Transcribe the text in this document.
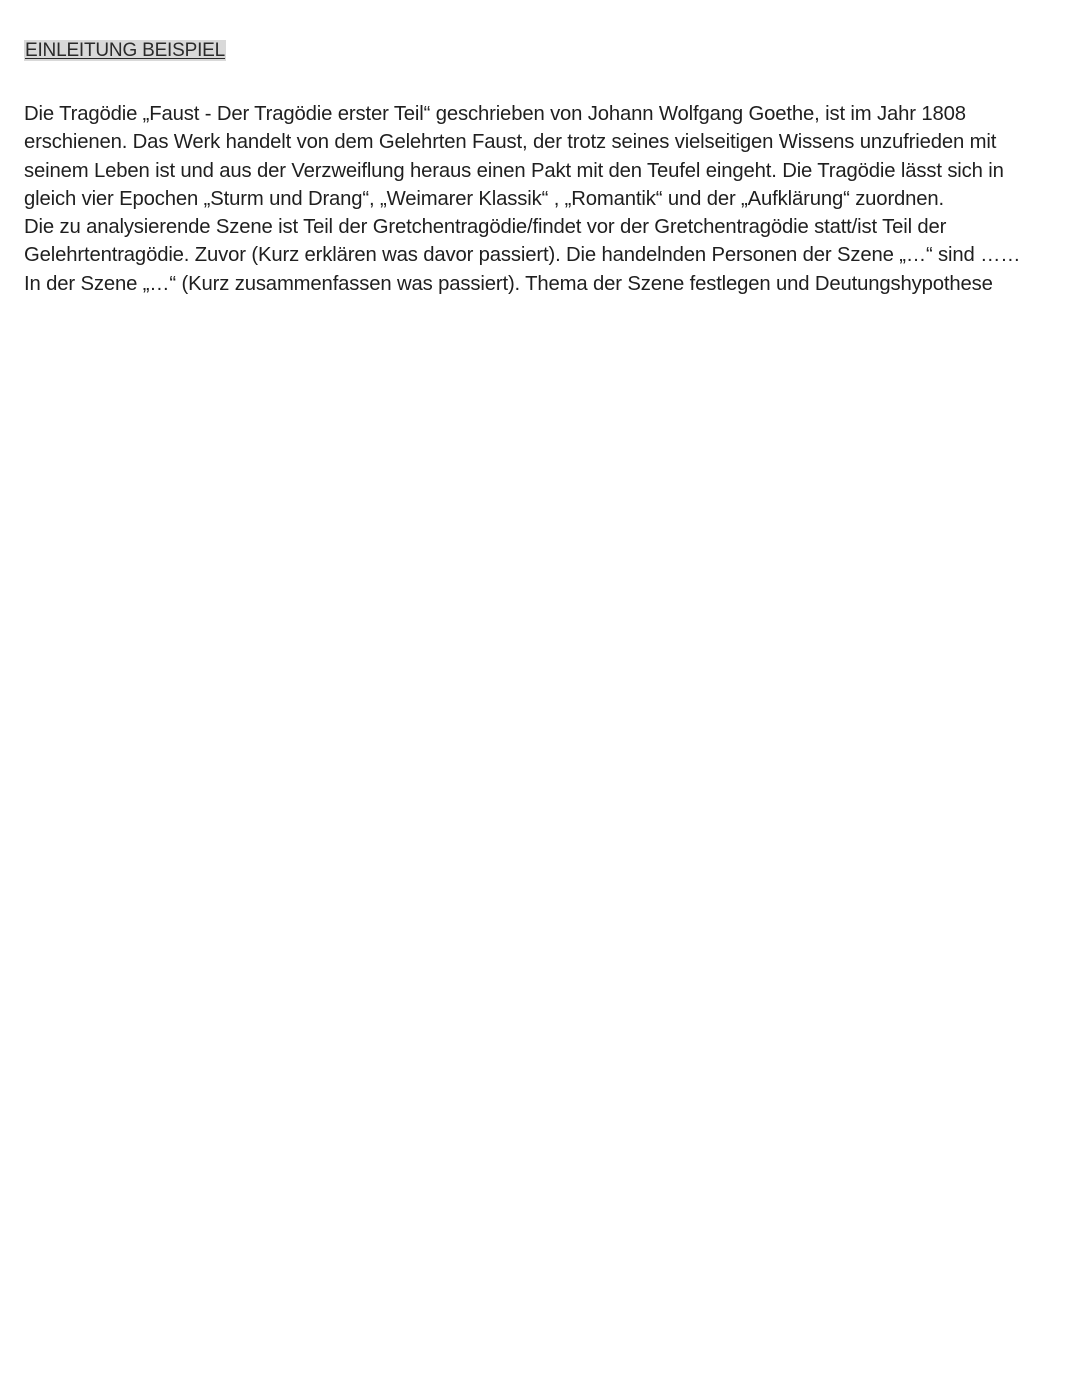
EINLEITUNG BEISPIEL

Die Tragödie „Faust - Der Tragödie erster Teil“ geschrieben von Johann Wolfgang Goethe, ist im Jahr 1808 erschienen. Das Werk handelt von dem Gelehrten Faust, der trotz seines vielseitigen Wissens unzufrieden mit seinem Leben ist und aus der Verzweiflung heraus einen Pakt mit den Teufel eingeht. Die Tragödie lässt sich in gleich vier Epochen „Sturm und Drang“, „Weimarer Klassik“ , „Romantik“ und der „Aufklärung“ zuordnen.

Die zu analysierende Szene ist Teil der Gretchentragödie/findet vor der Gretchentragödie statt/ist Teil der Gelehrtentragödie. Zuvor (Kurz erklären was davor passiert). Die handelnden Personen der Szene „…“ sind …… In der Szene „…“ (Kurz zusammenfassen was passiert). Thema der Szene festlegen und Deutungshypothese
